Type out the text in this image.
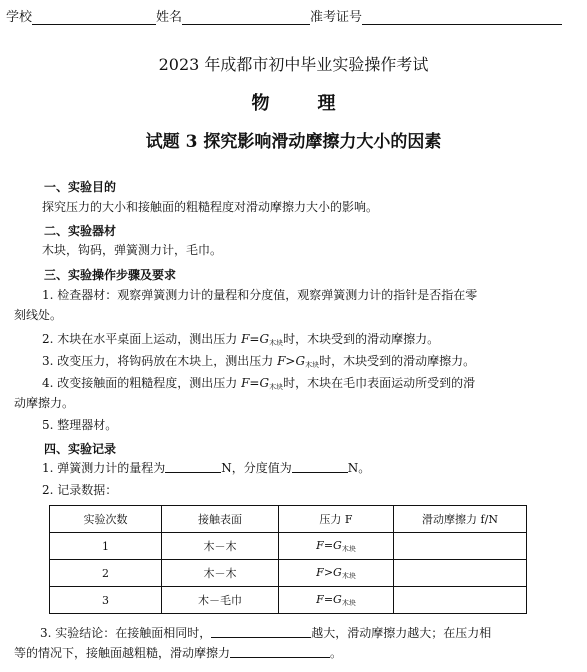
学校	姓名	准考证号
2023 年成都市初中毕业实验操作考试
物	理
试题 3 探究影响滑动摩擦力大小的因素
一、实验目的
探究压力的大小和接触面的粗糙程度对滑动摩擦力大小的影响。
二、实验器材
木块，钩码，弹簧测力计，毛巾。
三、实验操作步骤及要求
1. 检查器材：观察弹簧测力计的量程和分度值，观察弹簧测力计的指针是否指在零
刻线处。
2. 木块在水平桌面上运动，测出压力 $F=G_{木块}$时，木块受到的滑动摩擦力。
3. 改变压力，将钩码放在木块上，测出压力 $F>G_{木块}$时，木块受到的滑动摩擦力。
4. 改变接触面的粗糙程度，测出压力 $F=G_{木块}$时，木块在毛巾表面运动所受到的滑
动摩擦力。
5. 整理器材。
四、实验记录
1. 弹簧测力计的量程为	N，分度值为	N。
2. 记录数据：
实验次数	接触表面	压力 F	滑动摩擦力 f/N
1	木－木	$F=G_{木块}$	
2	木－木	$F>G_{木块}$	
3	木－毛巾	$F=G_{木块}$	
3. 实验结论：在接触面相同时，	越大，滑动摩擦力越大；在压力相
等的情况下，接触面越粗糙，滑动摩擦力	。
